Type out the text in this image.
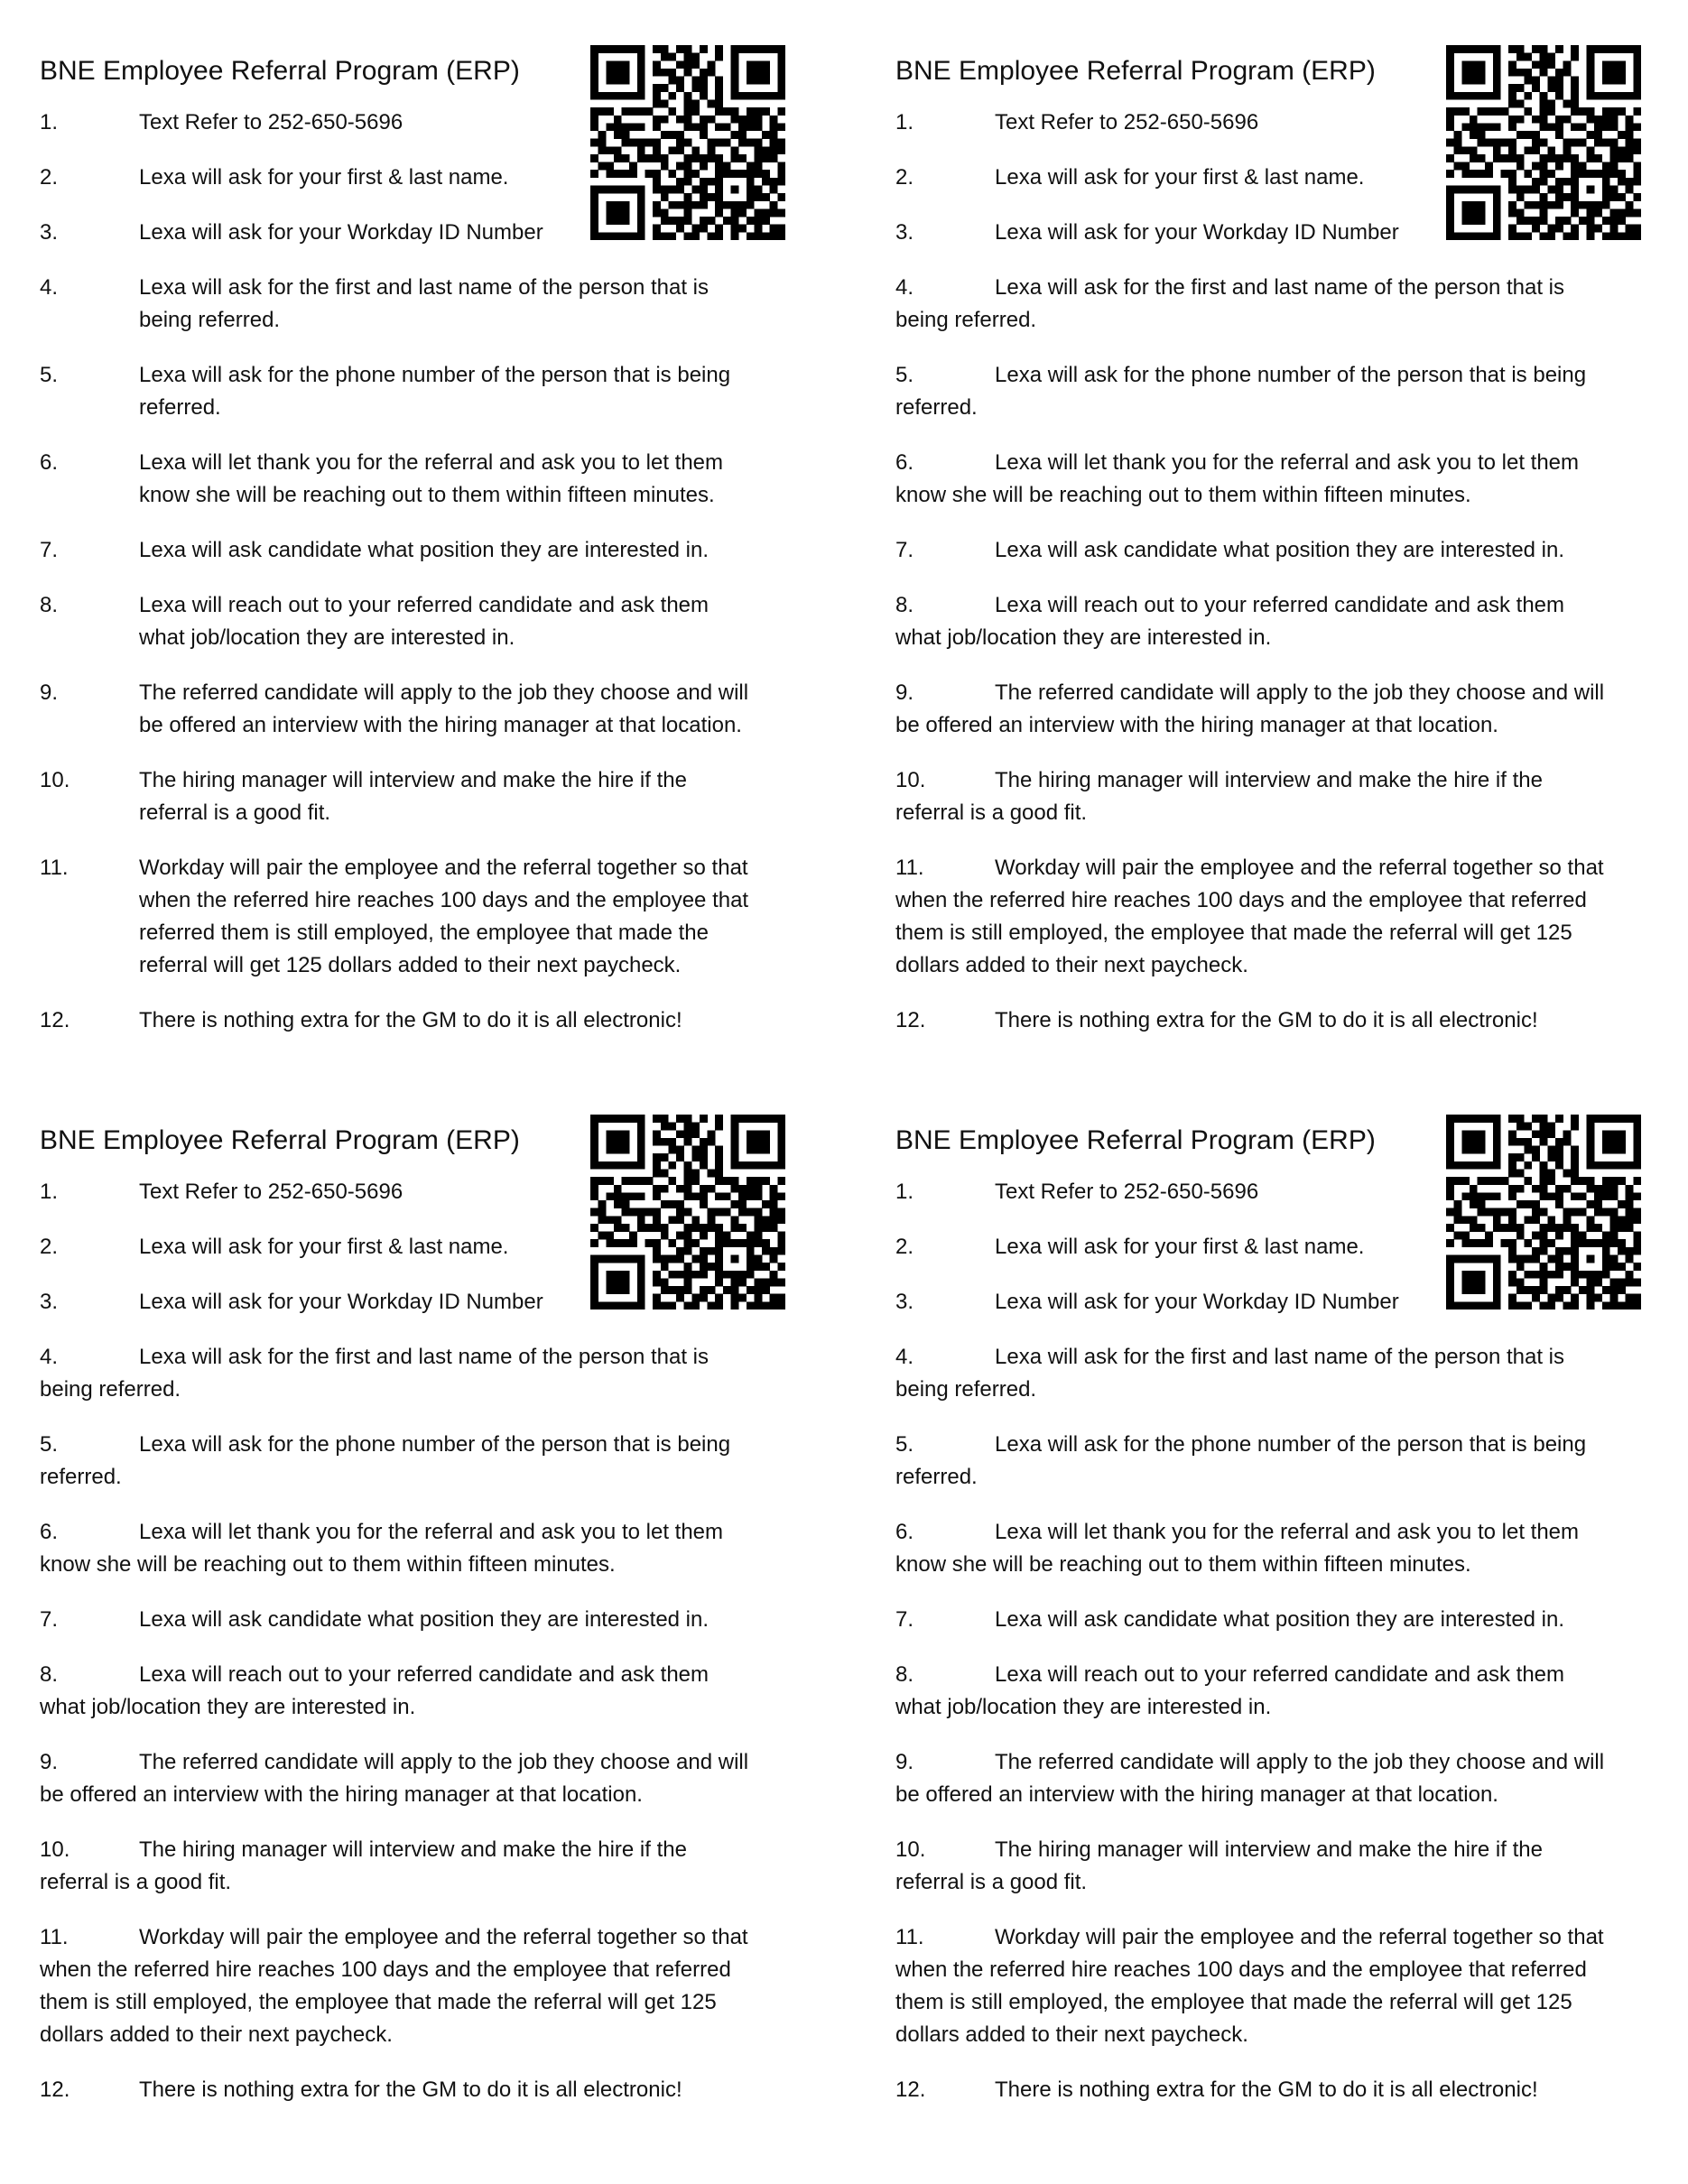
BNE Employee Referral Program (ERP)
1.	Text Refer to 252-650-5696
2.	Lexa will ask for your first & last name.
3.	Lexa will ask for your Workday ID Number
4.	Lexa will ask for the first and last name of the person that is
being referred.
5.	Lexa will ask for the phone number of the person that is being
referred.
6.	Lexa will let thank you for the referral and ask you to let them
know she will be reaching out to them within fifteen minutes.
7.	Lexa will ask candidate what position they are interested in.
8.	Lexa will reach out to your referred candidate and ask them
what job/location they are interested in.
9.	The referred candidate will apply to the job they choose and will
be offered an interview with the hiring manager at that location.
10.	The hiring manager will interview and make the hire if the
referral is a good fit.
11.	Workday will pair the employee and the referral together so that
when the referred hire reaches 100 days and the employee that
referred them is still employed, the employee that made the
referral will get 125 dollars added to their next paycheck.
12.	There is nothing extra for the GM to do it is all electronic!
BNE Employee Referral Program (ERP)
1.	Text Refer to 252-650-5696
2.	Lexa will ask for your first & last name.
3.	Lexa will ask for your Workday ID Number
4.	Lexa will ask for the first and last name of the person that is
being referred.
5.	Lexa will ask for the phone number of the person that is being
referred.
6.	Lexa will let thank you for the referral and ask you to let them
know she will be reaching out to them within fifteen minutes.
7.	Lexa will ask candidate what position they are interested in.
8.	Lexa will reach out to your referred candidate and ask them
what job/location they are interested in.
9.	The referred candidate will apply to the job they choose and will
be offered an interview with the hiring manager at that location.
10.	The hiring manager will interview and make the hire if the
referral is a good fit.
11.	Workday will pair the employee and the referral together so that
when the referred hire reaches 100 days and the employee that referred
them is still employed, the employee that made the referral will get 125
dollars added to their next paycheck.
12.	There is nothing extra for the GM to do it is all electronic!
BNE Employee Referral Program (ERP)
1.	Text Refer to 252-650-5696
2.	Lexa will ask for your first & last name.
3.	Lexa will ask for your Workday ID Number
4.	Lexa will ask for the first and last name of the person that is
being referred.
5.	Lexa will ask for the phone number of the person that is being
referred.
6.	Lexa will let thank you for the referral and ask you to let them
know she will be reaching out to them within fifteen minutes.
7.	Lexa will ask candidate what position they are interested in.
8.	Lexa will reach out to your referred candidate and ask them
what job/location they are interested in.
9.	The referred candidate will apply to the job they choose and will
be offered an interview with the hiring manager at that location.
10.	The hiring manager will interview and make the hire if the
referral is a good fit.
11.	Workday will pair the employee and the referral together so that
when the referred hire reaches 100 days and the employee that referred
them is still employed, the employee that made the referral will get 125
dollars added to their next paycheck.
12.	There is nothing extra for the GM to do it is all electronic!
BNE Employee Referral Program (ERP)
1.	Text Refer to 252-650-5696
2.	Lexa will ask for your first & last name.
3.	Lexa will ask for your Workday ID Number
4.	Lexa will ask for the first and last name of the person that is
being referred.
5.	Lexa will ask for the phone number of the person that is being
referred.
6.	Lexa will let thank you for the referral and ask you to let them
know she will be reaching out to them within fifteen minutes.
7.	Lexa will ask candidate what position they are interested in.
8.	Lexa will reach out to your referred candidate and ask them
what job/location they are interested in.
9.	The referred candidate will apply to the job they choose and will
be offered an interview with the hiring manager at that location.
10.	The hiring manager will interview and make the hire if the
referral is a good fit.
11.	Workday will pair the employee and the referral together so that
when the referred hire reaches 100 days and the employee that referred
them is still employed, the employee that made the referral will get 125
dollars added to their next paycheck.
12.	There is nothing extra for the GM to do it is all electronic!
